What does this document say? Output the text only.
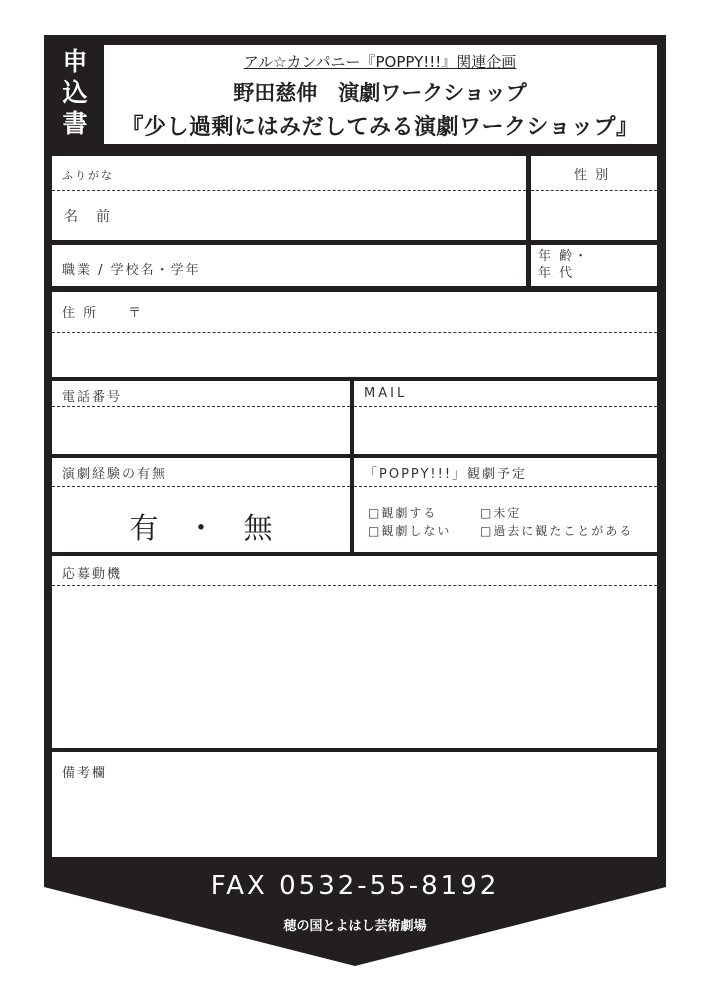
申
込
書
アル☆カンパニー『POPPY!!!』関連企画
野田慈伸　演劇ワークショップ
『少し過剰にはみだしてみる演劇ワークショップ』
ふりがな
名　前
性 別
職業 / 学校名・学年
年 齢・
年 代
住 所　　〒
電話番号	MAIL
演劇経験の有無
有 ・ 無
「POPPY!!!」観劇予定
□観劇する	□未定
□観劇しない □過去に観たことがある
応募動機
備考欄
FAX 0532-55-8192
穂の国とよはし芸術劇場
